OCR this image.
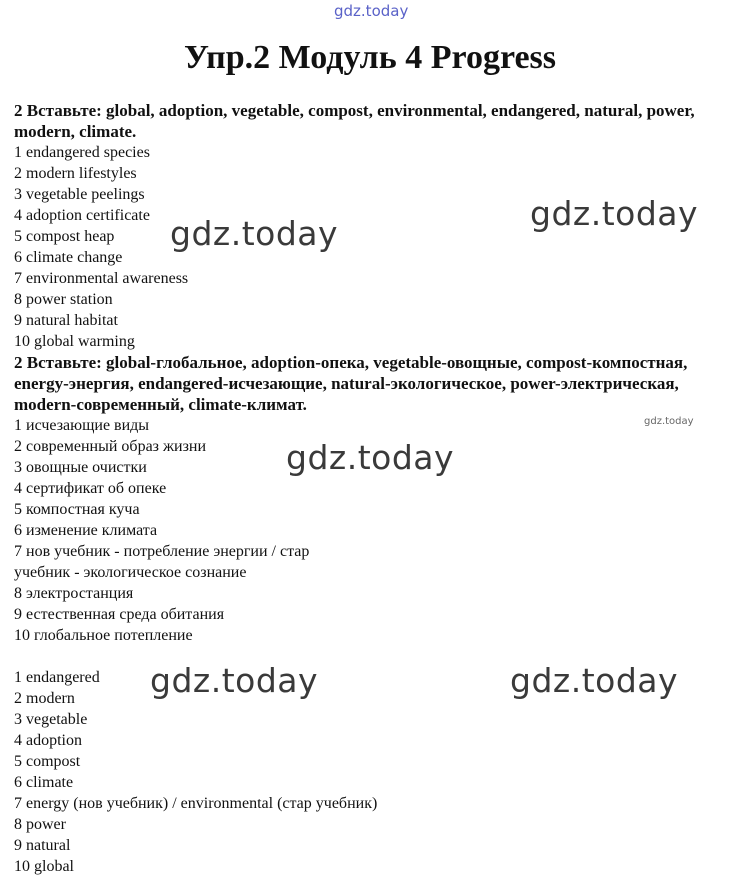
gdz.today
Упр.2 Модуль 4 Progress

2 Вставьте: global, adoption, vegetable, compost, environmental, endangered, natural, power, modern, climate.

1 endangered species
2 modern lifestyles
3 vegetable peelings
4 adoption certificate
5 compost heap
6 climate change
7 environmental awareness
8 power station
9 natural habitat
10 global warming

2 Вставьте: global-глобальное, adoption-опека, vegetable-овощные, compost-компостная, energy-энергия, endangered-исчезающие, natural-экологическое, power-электрическая, modern-современный, climate-климат.

1 исчезающие виды
2 современный образ жизни
3 овощные очистки
4 сертификат об опеке
5 компостная куча
6 изменение климата
7 нов учебник - потребление энергии / стар учебник - экологическое сознание
8 электростанция
9 естественная среда обитания
10 глобальное потепление
1 endangered
2 modern
3 vegetable
4 adoption
5 compost
6 climate
7 energy (нов учебник) / environmental (стар учебник)
8 power
9 natural
10 global
gdz.today
gdz.today
gdz.today
gdz.today
gdz.today	gdz.today
